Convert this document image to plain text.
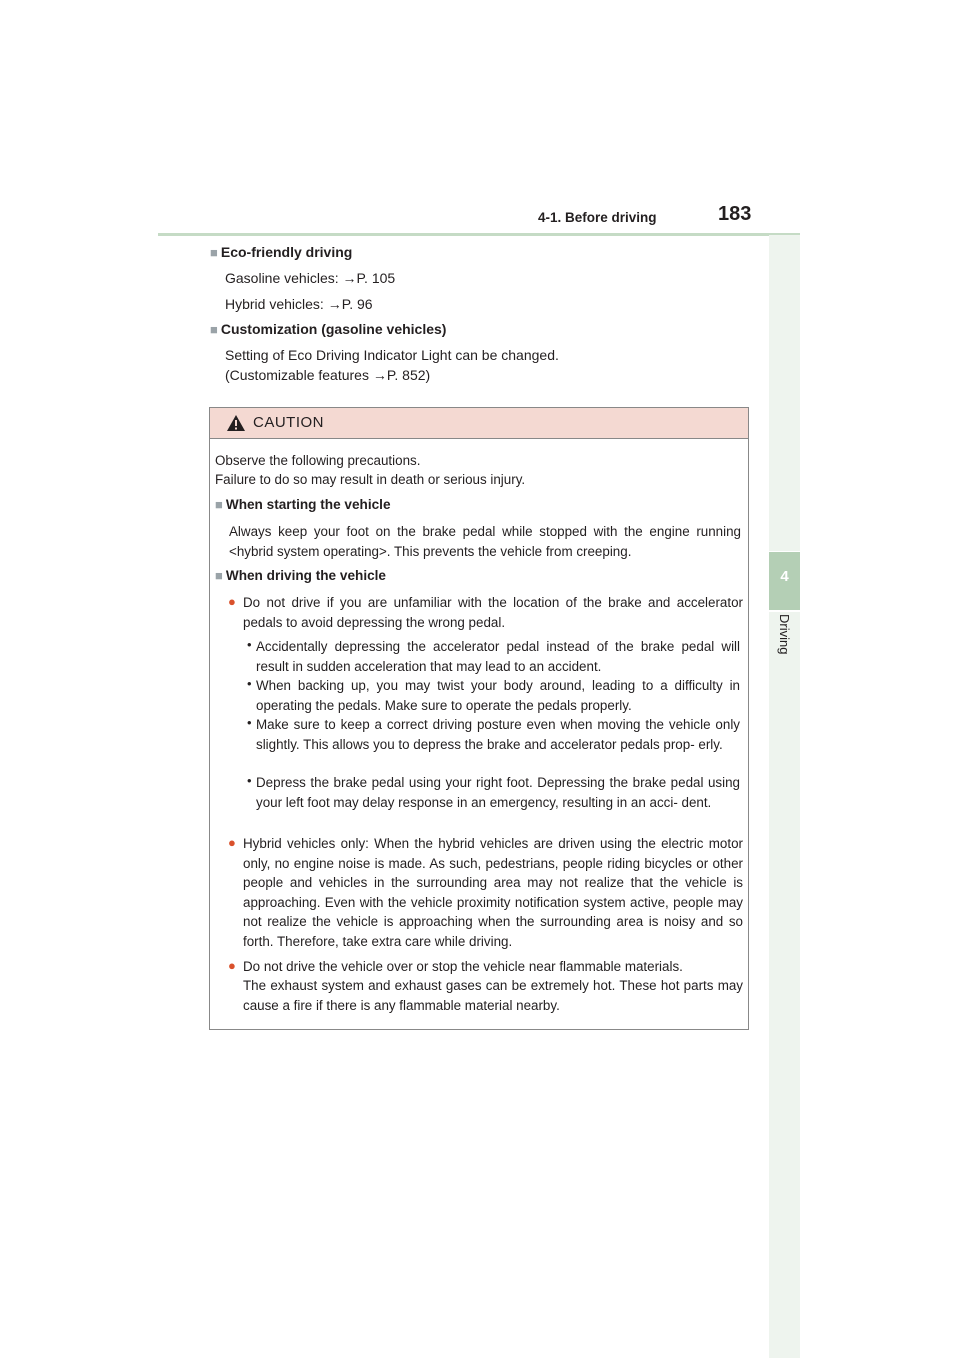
4-1. Before driving	183
4
Driving
■ Eco-friendly driving
Gasoline vehicles: →P. 105
Hybrid vehicles: →P. 96
■ Customization (gasoline vehicles)
Setting of Eco Driving Indicator Light can be changed.
(Customizable features →P. 852)
CAUTION
Observe the following precautions.
Failure to do so may result in death or serious injury.
■ When starting the vehicle
Always keep your foot on the brake pedal while stopped with the engine running <hybrid system operating>. This prevents the vehicle from creeping.
■ When driving the vehicle
● Do not drive if you are unfamiliar with the location of the brake and accelerator pedals to avoid depressing the wrong pedal.
• Accidentally depressing the accelerator pedal instead of the brake pedal will result in sudden acceleration that may lead to an accident.
• When backing up, you may twist your body around, leading to a difficulty in operating the pedals. Make sure to operate the pedals properly.
• Make sure to keep a correct driving posture even when moving the vehicle only slightly. This allows you to depress the brake and accelerator pedals prop- erly.
• Depress the brake pedal using your right foot. Depressing the brake pedal using your left foot may delay response in an emergency, resulting in an acci- dent.
● Hybrid vehicles only: When the hybrid vehicles are driven using the electric motor only, no engine noise is made. As such, pedestrians, people riding bicycles or other people and vehicles in the surrounding area may not realize that the vehicle is approaching. Even with the vehicle proximity notification system active, people may not realize the vehicle is approaching when the surrounding area is noisy and so forth. Therefore, take extra care while driving.
● Do not drive the vehicle over or stop the vehicle near flammable materials.
The exhaust system and exhaust gases can be extremely hot. These hot parts may cause a fire if there is any flammable material nearby.
